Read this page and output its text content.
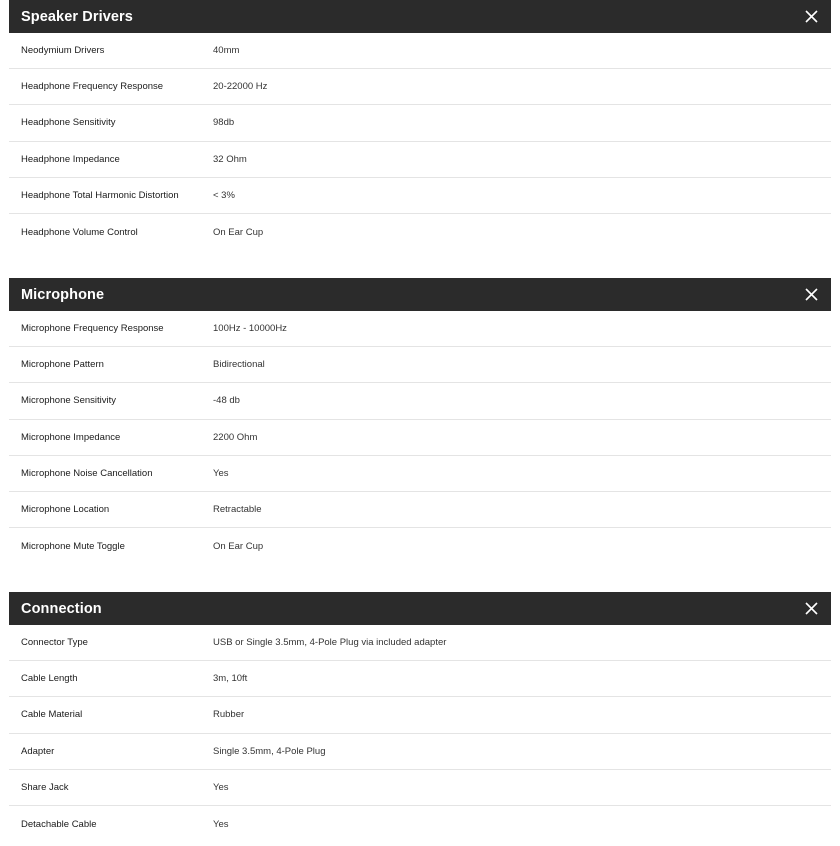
Speaker Drivers
Neodymium Drivers	40mm
Headphone Frequency Response	20-22000 Hz
Headphone Sensitivity	98db
Headphone Impedance	32 Ohm
Headphone Total Harmonic Distortion	< 3%
Headphone Volume Control	On Ear Cup
Microphone
Microphone Frequency Response	100Hz - 10000Hz
Microphone Pattern	Bidirectional
Microphone Sensitivity	-48 db
Microphone Impedance	2200 Ohm
Microphone Noise Cancellation	Yes
Microphone Location	Retractable
Microphone Mute Toggle	On Ear Cup
Connection
Connector Type	USB or Single 3.5mm, 4-Pole Plug via included adapter
Cable Length	3m, 10ft
Cable Material	Rubber
Adapter	Single 3.5mm, 4-Pole Plug
Share Jack	Yes
Detachable Cable	Yes
